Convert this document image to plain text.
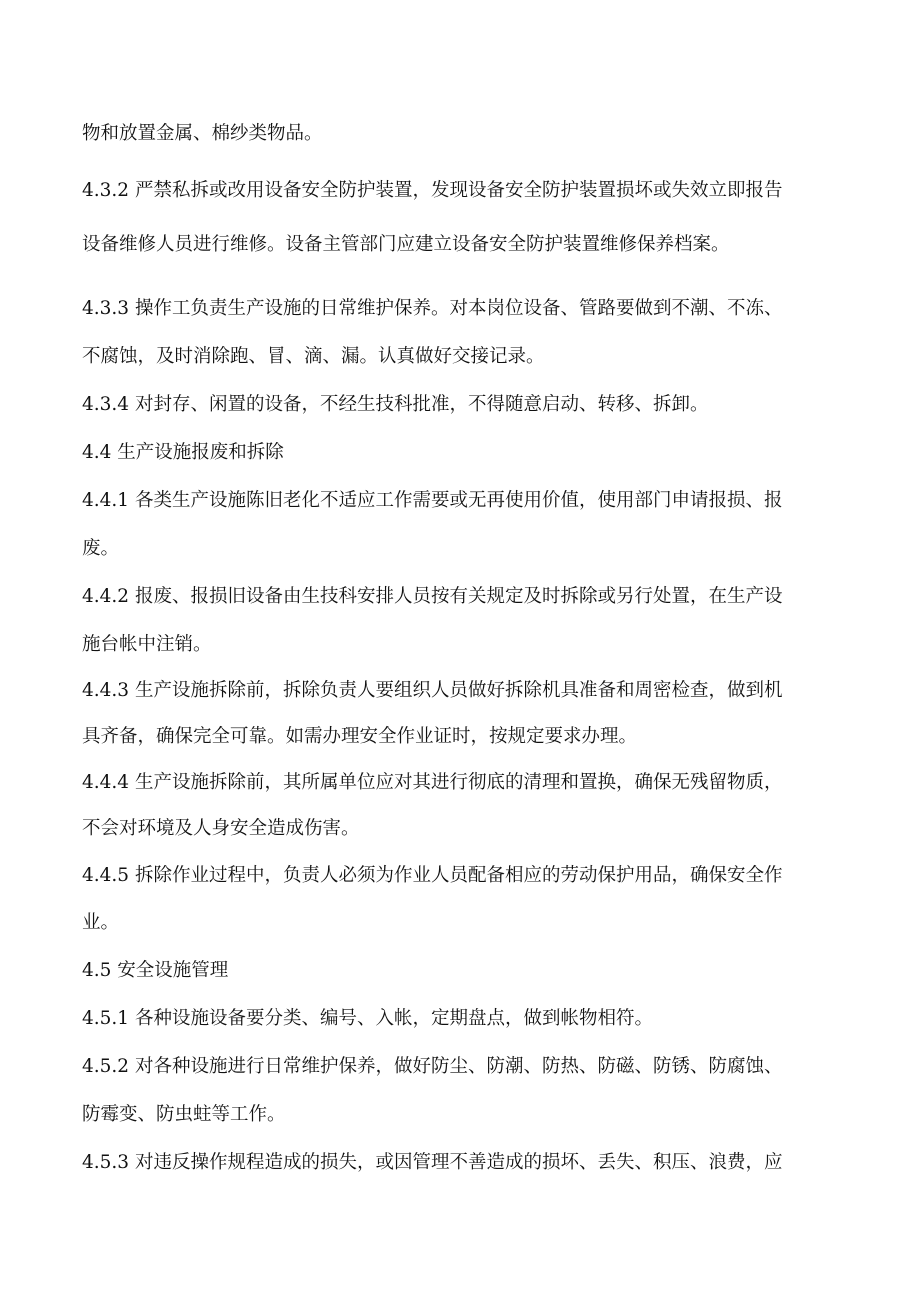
物和放置金属、棉纱类物品。
4.3.2 严禁私拆或改用设备安全防护装置，发现设备安全防护装置损坏或失效立即报告
设备维修人员进行维修。设备主管部门应建立设备安全防护装置维修保养档案。
4.3.3 操作工负责生产设施的日常维护保养。对本岗位设备、管路要做到不潮、不冻、
不腐蚀，及时消除跑、冒、滴、漏。认真做好交接记录。
4.3.4 对封存、闲置的设备，不经生技科批准，不得随意启动、转移、拆卸。
4.4 生产设施报废和拆除
4.4.1 各类生产设施陈旧老化不适应工作需要或无再使用价值，使用部门申请报损、报
废。
4.4.2 报废、报损旧设备由生技科安排人员按有关规定及时拆除或另行处置，在生产设
施台帐中注销。
4.4.3 生产设施拆除前，拆除负责人要组织人员做好拆除机具准备和周密检查，做到机
具齐备，确保完全可靠。如需办理安全作业证时，按规定要求办理。
4.4.4 生产设施拆除前，其所属单位应对其进行彻底的清理和置换，确保无残留物质，
不会对环境及人身安全造成伤害。
4.4.5 拆除作业过程中，负责人必须为作业人员配备相应的劳动保护用品，确保安全作
业。
4.5 安全设施管理
4.5.1 各种设施设备要分类、编号、入帐，定期盘点，做到帐物相符。
4.5.2 对各种设施进行日常维护保养，做好防尘、防潮、防热、防磁、防锈、防腐蚀、
防霉变、防虫蛀等工作。
4.5.3 对违反操作规程造成的损失，或因管理不善造成的损坏、丢失、积压、浪费，应
